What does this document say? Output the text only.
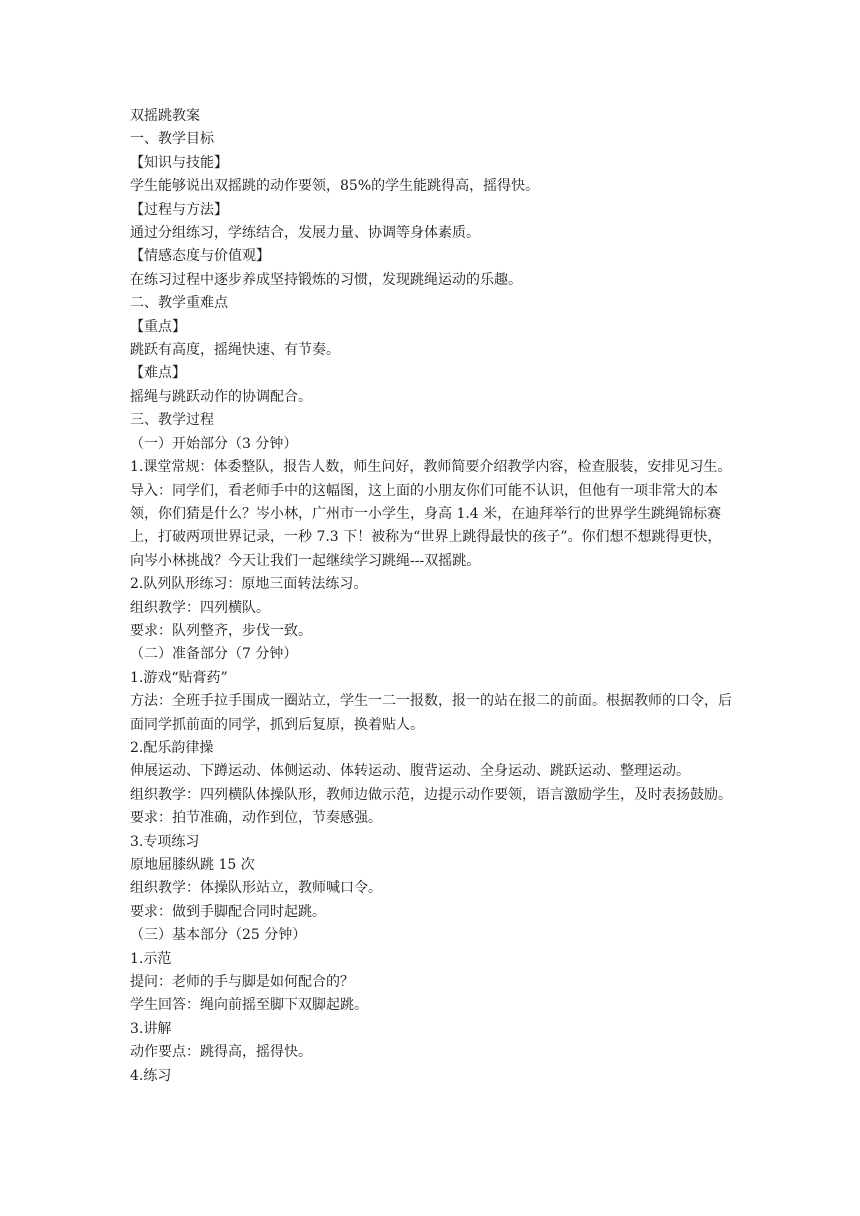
双摇跳教案

一、教学目标

【知识与技能】

学生能够说出双摇跳的动作要领，85%的学生能跳得高，摇得快。

【过程与方法】

通过分组练习，学练结合，发展力量、协调等身体素质。

【情感态度与价值观】

在练习过程中逐步养成坚持锻炼的习惯，发现跳绳运动的乐趣。

二、教学重难点

【重点】

跳跃有高度，摇绳快速、有节奏。

【难点】

摇绳与跳跃动作的协调配合。

三、教学过程

（一）开始部分（3 分钟）

1.课堂常规：体委整队，报告人数，师生问好，教师简要介绍教学内容，检查服装，安排见习生。

导入：同学们，看老师手中的这幅图，这上面的小朋友你们可能不认识，但他有一项非常大的本领，你们猜是什么？岑小林，广州市一小学生，身高 1.4 米，在迪拜举行的世界学生跳绳锦标赛上，打破两项世界记录，一秒 7.3 下！被称为“世界上跳得最快的孩子”。你们想不想跳得更快，向岑小林挑战？今天让我们一起继续学习跳绳---双摇跳。

2.队列队形练习：原地三面转法练习。

组织教学：四列横队。

要求：队列整齐，步伐一致。

（二）准备部分（7 分钟）

1.游戏“贴膏药”

方法：全班手拉手围成一圈站立，学生一二一报数，报一的站在报二的前面。根据教师的口令，后面同学抓前面的同学，抓到后复原，换着贴人。

2.配乐韵律操

伸展运动、下蹲运动、体侧运动、体转运动、腹背运动、全身运动、跳跃运动、整理运动。

组织教学：四列横队体操队形，教师边做示范，边提示动作要领，语言激励学生，及时表扬鼓励。

要求：拍节准确，动作到位，节奏感强。

3.专项练习

原地屈膝纵跳 15 次

组织教学：体操队形站立，教师喊口令。

要求：做到手脚配合同时起跳。

（三）基本部分（25 分钟）

1.示范

提问：老师的手与脚是如何配合的？

学生回答：绳向前摇至脚下双脚起跳。

3.讲解

动作要点：跳得高，摇得快。

4.练习
